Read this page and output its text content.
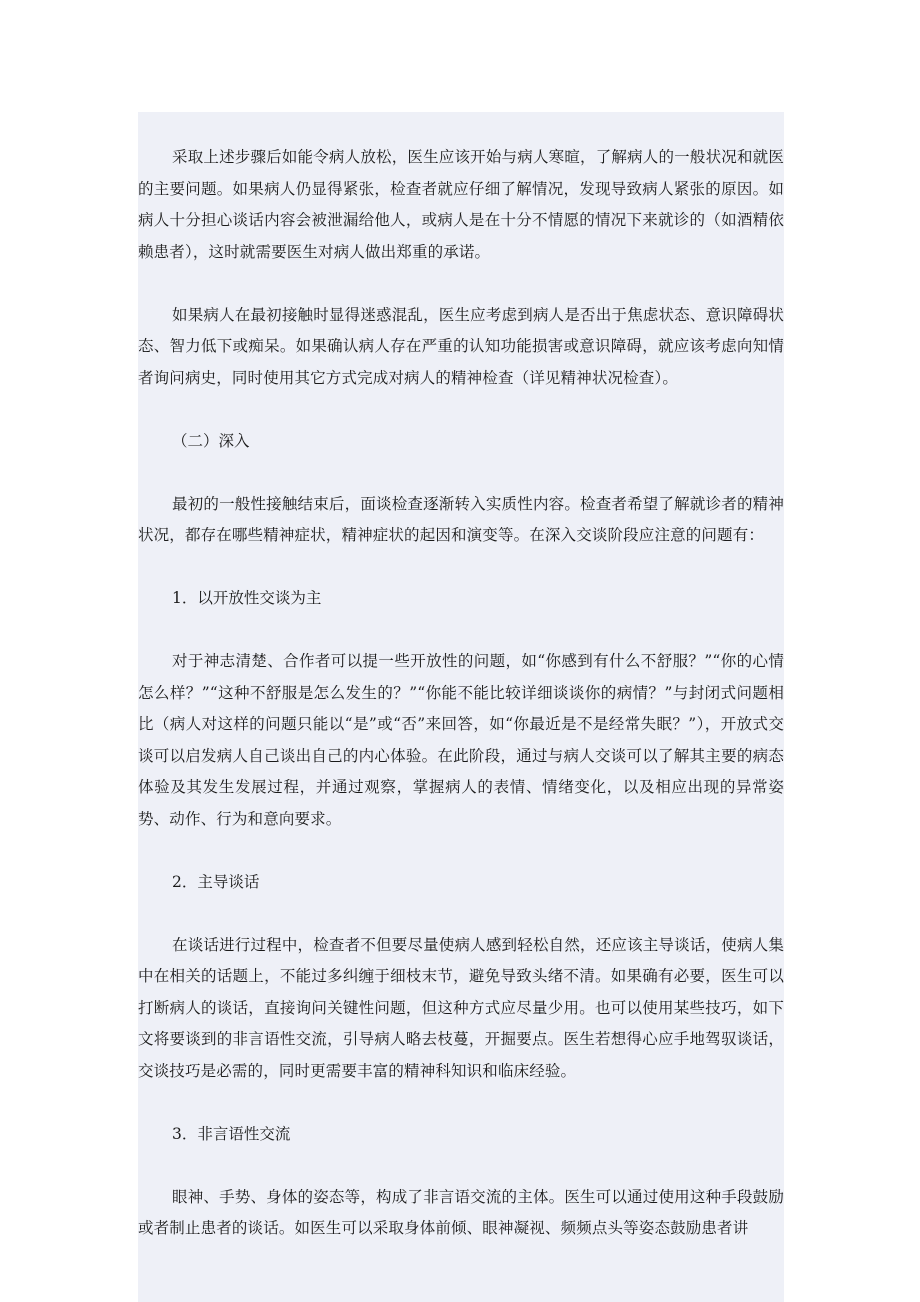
采取上述步骤后如能令病人放松，医生应该开始与病人寒暄，了解病人的一般状况和就医的主要问题。如果病人仍显得紧张，检查者就应仔细了解情况，发现导致病人紧张的原因。如病人十分担心谈话内容会被泄漏给他人，或病人是在十分不情愿的情况下来就诊的（如酒精依赖患者），这时就需要医生对病人做出郑重的承诺。

如果病人在最初接触时显得迷惑混乱，医生应考虑到病人是否出于焦虑状态、意识障碍状态、智力低下或痴呆。如果确认病人存在严重的认知功能损害或意识障碍，就应该考虑向知情者询问病史，同时使用其它方式完成对病人的精神检查（详见精神状况检查）。

（二）深入

最初的一般性接触结束后，面谈检查逐渐转入实质性内容。检查者希望了解就诊者的精神状况，都存在哪些精神症状，精神症状的起因和演变等。在深入交谈阶段应注意的问题有：

1．以开放性交谈为主

对于神志清楚、合作者可以提一些开放性的问题，如“你感到有什么不舒服？”“你的心情怎么样？”“这种不舒服是怎么发生的？”“你能不能比较详细谈谈你的病情？”与封闭式问题相比（病人对这样的问题只能以“是”或“否”来回答，如“你最近是不是经常失眠？”），开放式交谈可以启发病人自己谈出自己的内心体验。在此阶段，通过与病人交谈可以了解其主要的病态体验及其发生发展过程，并通过观察，掌握病人的表情、情绪变化，以及相应出现的异常姿势、动作、行为和意向要求。

2．主导谈话

在谈话进行过程中，检查者不但要尽量使病人感到轻松自然，还应该主导谈话，使病人集中在相关的话题上，不能过多纠缠于细枝末节，避免导致头绪不清。如果确有必要，医生可以打断病人的谈话，直接询问关键性问题，但这种方式应尽量少用。也可以使用某些技巧，如下文将要谈到的非言语性交流，引导病人略去枝蔓，开掘要点。医生若想得心应手地驾驭谈话，交谈技巧是必需的，同时更需要丰富的精神科知识和临床经验。

3．非言语性交流

眼神、手势、身体的姿态等，构成了非言语交流的主体。医生可以通过使用这种手段鼓励或者制止患者的谈话。如医生可以采取身体前倾、眼神凝视、频频点头等姿态鼓励患者讲
